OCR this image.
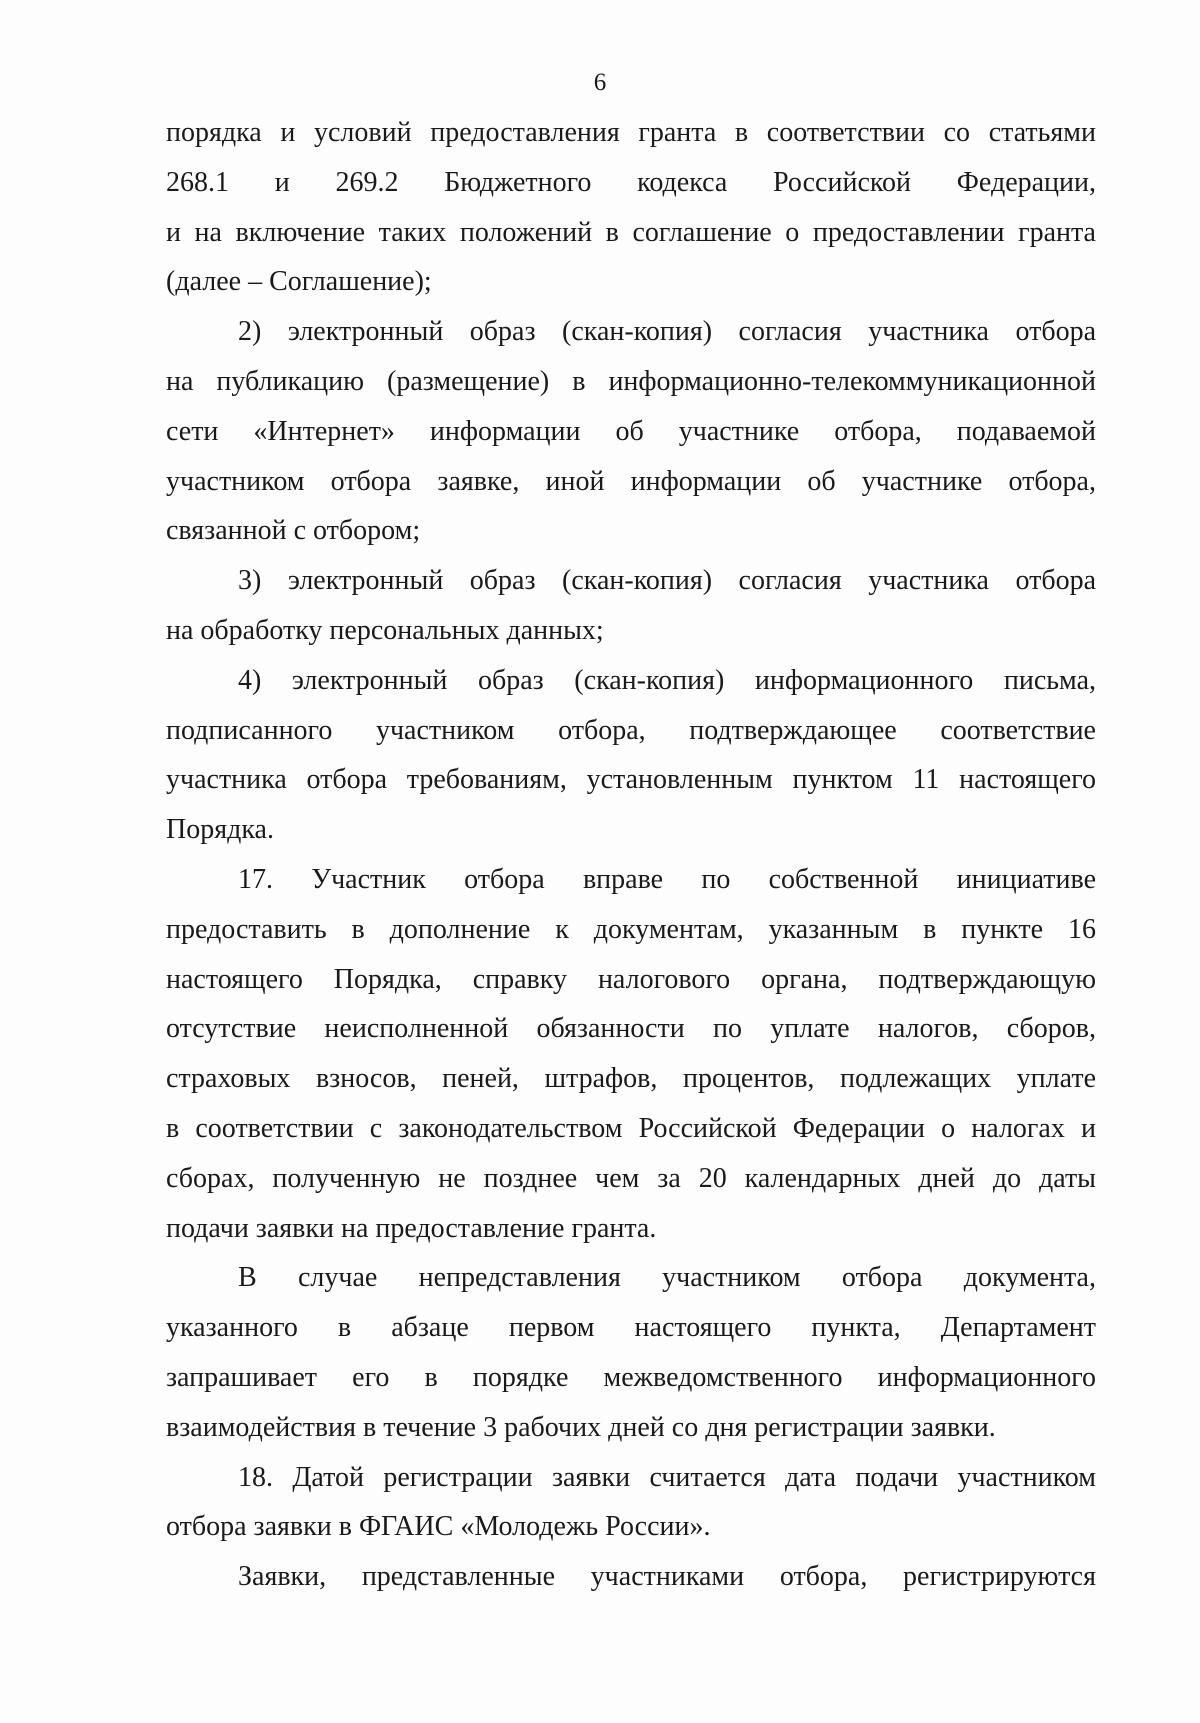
6
порядка и условий предоставления гранта в соответствии со статьями
268.1 и 269.2 Бюджетного кодекса Российской Федерации,
и на включение таких положений в соглашение о предоставлении гранта
(далее – Соглашение);
2) электронный образ (скан-копия) согласия участника отбора
на публикацию (размещение) в информационно-телекоммуникационной
сети «Интернет» информации об участнике отбора, подаваемой
участником отбора заявке, иной информации об участнике отбора,
связанной с отбором;
3) электронный образ (скан-копия) согласия участника отбора
на обработку персональных данных;
4) электронный образ (скан-копия) информационного письма,
подписанного участником отбора, подтверждающее соответствие
участника отбора требованиям, установленным пунктом 11 настоящего
Порядка.
17. Участник отбора вправе по собственной инициативе
предоставить в дополнение к документам, указанным в пункте 16
настоящего Порядка, справку налогового органа, подтверждающую
отсутствие неисполненной обязанности по уплате налогов, сборов,
страховых взносов, пеней, штрафов, процентов, подлежащих уплате
в соответствии с законодательством Российской Федерации о налогах и
сборах, полученную не позднее чем за 20 календарных дней до даты
подачи заявки на предоставление гранта.
В случае непредставления участником отбора документа,
указанного в абзаце первом настоящего пункта, Департамент
запрашивает его в порядке межведомственного информационного
взаимодействия в течение 3 рабочих дней со дня регистрации заявки.
18. Датой регистрации заявки считается дата подачи участником
отбора заявки в ФГАИС «Молодежь России».
Заявки, представленные участниками отбора, регистрируются
